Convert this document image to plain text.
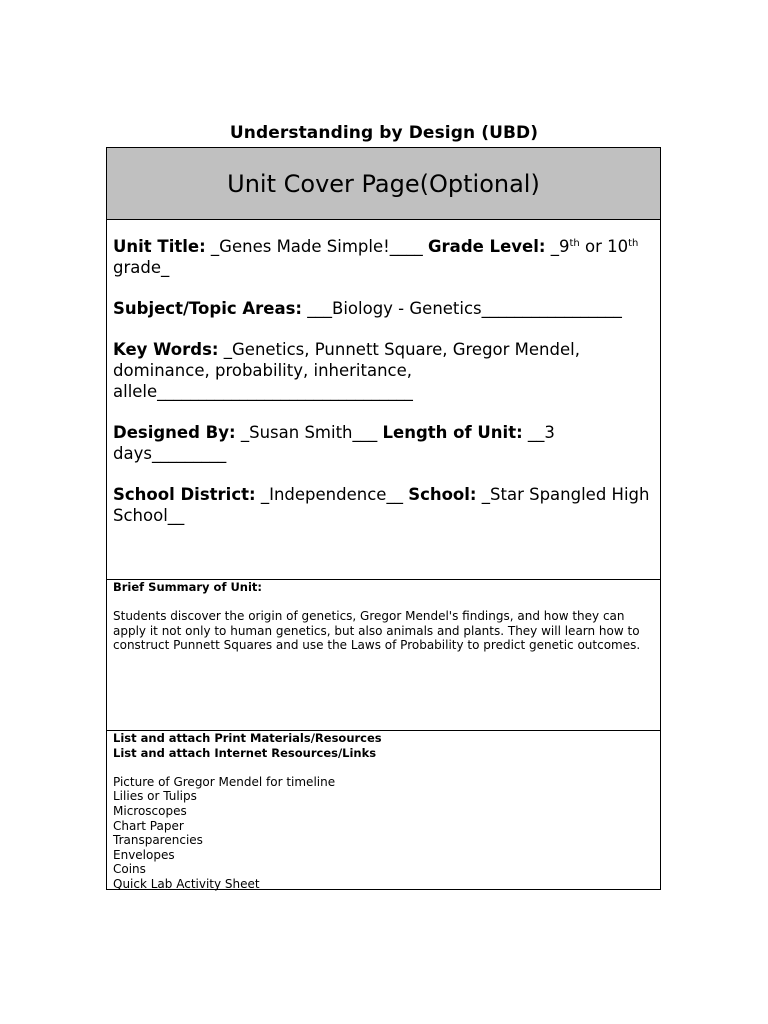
Understanding by Design (UBD)
Unit Cover Page(Optional)

Unit Title: _Genes Made Simple!____ Grade Level: _9th or 10th grade_

Subject/Topic Areas: ___Biology - Genetics_________________

Key Words: _Genetics, Punnett Square, Gregor Mendel, dominance, probability, inheritance, allele_______________________________

Designed By: _Susan Smith___ Length of Unit: __3 days_________

School District: _Independence__ School: _Star Spangled High School__

Brief Summary of Unit:
Students discover the origin of genetics, Gregor Mendel's findings, and how they can apply it not only to human genetics, but also animals and plants. They will learn how to construct Punnett Squares and use the Laws of Probability to predict genetic outcomes.
List and attach Print Materials/Resources
List and attach Internet Resources/Links
Picture of Gregor Mendel for timeline
Lilies or Tulips
Microscopes
Chart Paper
Transparencies
Envelopes
Coins
Quick Lab Activity Sheet
